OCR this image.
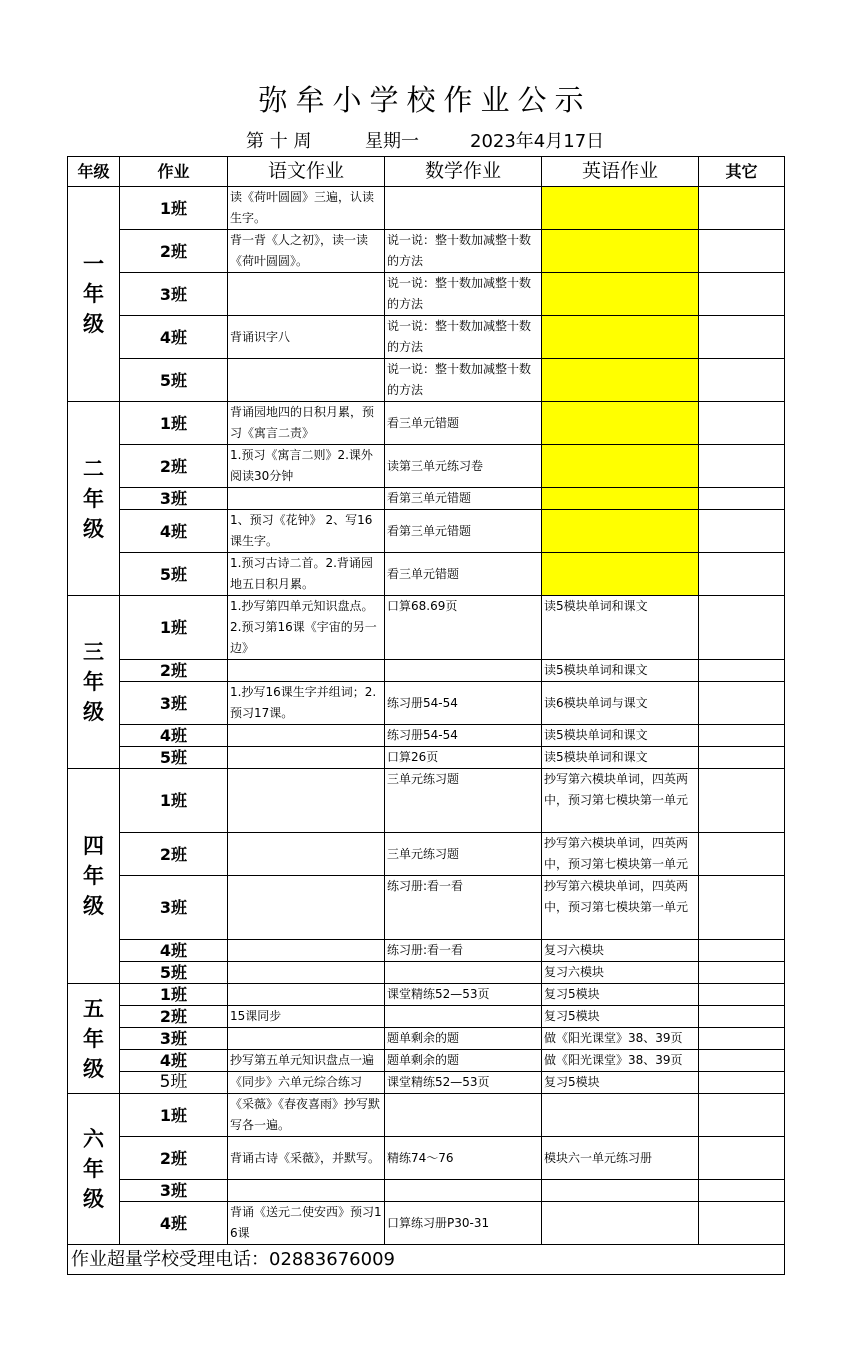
弥牟小学校作业公示
第 十 周	星期一	2023年4月17日
年级	作业	语文作业	数学作业	英语作业	其它

一
年
级	1班	读《荷叶圆圆》三遍，认读生字。			
	2班	背一背《人之初》，读一读《荷叶圆圆》。	说一说：整十数加减整十数的方法		
	3班		说一说：整十数加减整十数的方法		
	4班	背诵识字八	说一说：整十数加减整十数的方法		
	5班		说一说：整十数加减整十数的方法		

二
年
级	1班	背诵园地四的日积月累，预习《寓言二责》	看三单元错题		
	2班	1.预习《寓言二则》2.课外阅读30分钟	读第三单元练习卷		
	3班		看第三单元错题		
	4班	1、预习《花钟》 2、写16课生字。	看第三单元错题		
	5班	1.预习古诗二首。2.背诵园地五日积月累。	看三单元错题		

三
年
级	1班	1.抄写第四单元知识盘点。2.预习第16课《宇宙的另一边》	口算68.69页	读5模块单词和课文	
	2班			读5模块单词和课文	
	3班	1.抄写16课生字并组词；2.预习17课。	练习册54-54	读6模块单词与课文	
	4班		练习册54-54	读5模块单词和课文	
	5班		口算26页	读5模块单词和课文	

四
年
级	1班		三单元练习题	抄写第六模块单词，四英两中，预习第七模块第一单元	
	2班		三单元练习题	抄写第六模块单词，四英两中，预习第七模块第一单元	
	3班		练习册:看一看	抄写第六模块单词，四英两中，预习第七模块第一单元	
	4班		练习册:看一看	复习六模块	
	5班			复习六模块	

五
年
级	1班		课堂精练52—53页	复习5模块	
	2班	15课同步		复习5模块	
	3班		题单剩余的题	做《阳光课堂》38、39页	
	4班	抄写第五单元知识盘点一遍	题单剩余的题	做《阳光课堂》38、39页	
	5班	《同步》六单元综合练习	课堂精练52—53页	复习5模块	

六
年
级	1班	《采薇》《春夜喜雨》抄写默写各一遍。			
	2班	背诵古诗《采薇》，并默写。	精练74～76	模块六一单元练习册	
	3班				
	4班	背诵《送元二使安西》预习16课	口算练习册P30-31		
作业超量学校受理电话：02883676009					
